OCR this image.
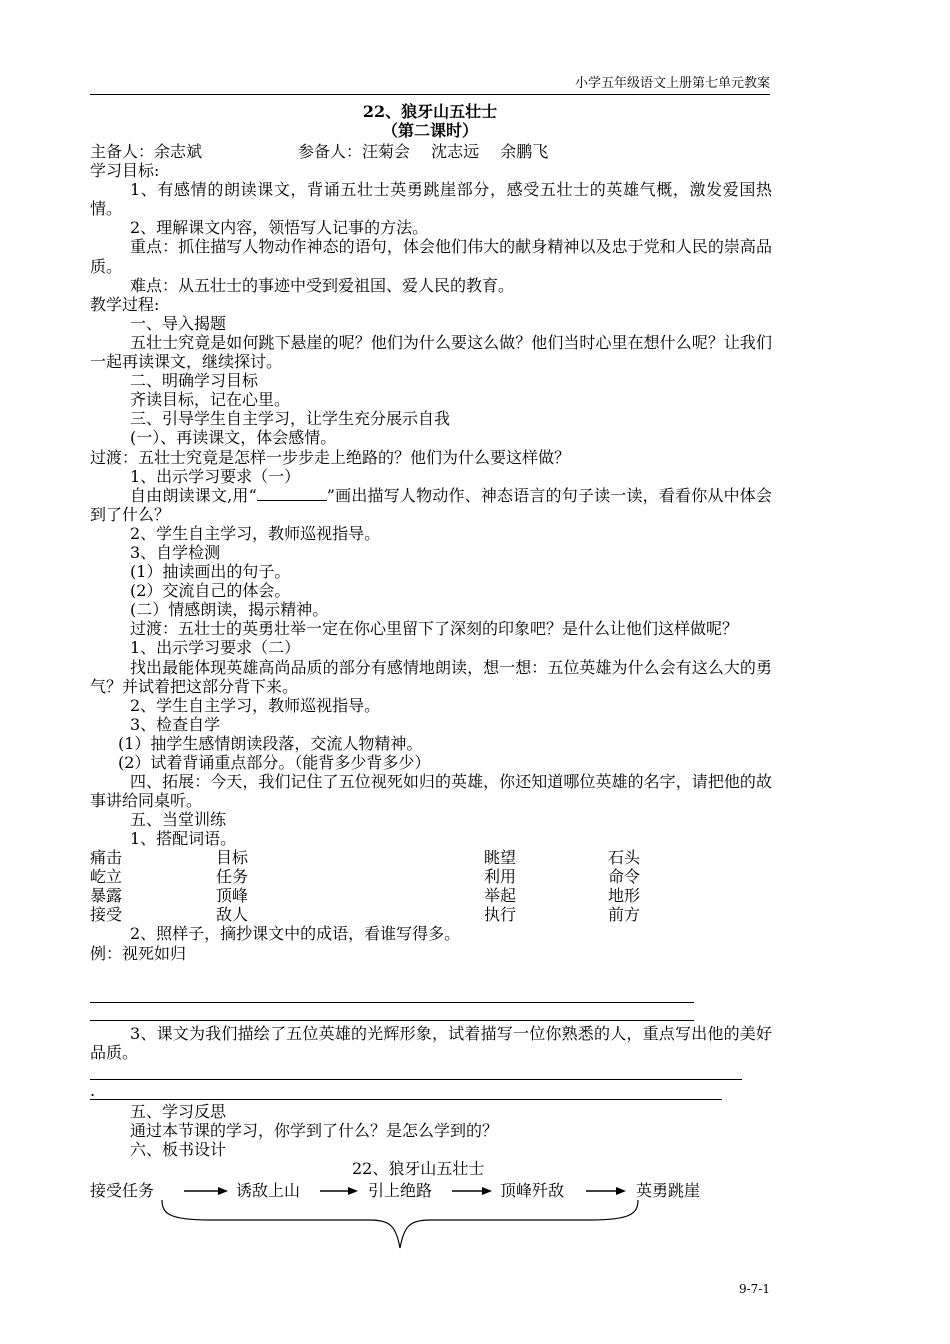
小学五年级语文上册第七单元教案
22、狼牙山五壮士
（第二课时）
主备人：余志斌	参备人：汪菊会　 沈志远　 余鹏飞
学习目标:
1、有感情的朗读课文，背诵五壮士英勇跳崖部分，感受五壮士的英雄气概，激发爱国热情。
2、理解课文内容，领悟写人记事的方法。
重点：抓住描写人物动作神态的语句，体会他们伟大的献身精神以及忠于党和人民的崇高品质。
难点：从五壮士的事迹中受到爱祖国、爱人民的教育。
教学过程:
一、导入揭题
五壮士究竟是如何跳下悬崖的呢？他们为什么要这么做？他们当时心里在想什么呢？让我们一起再读课文，继续探讨。
二、明确学习目标
齐读目标，记在心里。
三、引导学生自主学习，让学生充分展示自我
(一）、再读课文，体会感情。
过渡：五壮士究竟是怎样一步步走上绝路的？他们为什么要这样做？
1、出示学习要求（一）
自由朗读课文,用“	”画出描写人物动作、神态语言的句子读一读，看看你从中体会到了什么？
2、学生自主学习，教师巡视指导。
3、自学检测
(1）抽读画出的句子。
(2）交流自己的体会。
(二）情感朗读，揭示精神。
过渡：五壮士的英勇壮举一定在你心里留下了深刻的印象吧？是什么让他们这样做呢？
1、出示学习要求（二）
找出最能体现英雄高尚品质的部分有感情地朗读，想一想：五位英雄为什么会有这么大的勇气？并试着把这部分背下来。
2、学生自主学习，教师巡视指导。
3、检查自学
(1）抽学生感情朗读段落，交流人物精神。
(2）试着背诵重点部分。（能背多少背多少）
四、拓展：今天，我们记住了五位视死如归的英雄，你还知道哪位英雄的名字，请把他的故事讲给同桌听。
五、当堂训练
1、搭配词语。
痛击	目标	眺望	石头
屹立	任务	利用	命令
暴露	顶峰	举起	地形
接受	敌人	执行	前方
2、照样子，摘抄课文中的成语，看谁写得多。
例：视死如归
3、课文为我们描绘了五位英雄的光辉形象，试着描写一位你熟悉的人，重点写出他的美好品质。
.
五、学习反思
通过本节课的学习，你学到了什么？是怎么学到的？
六、板书设计
22、狼牙山五壮士
接受任务	诱敌上山	引上绝路	顶峰歼敌	英勇跳崖
9-7-1
